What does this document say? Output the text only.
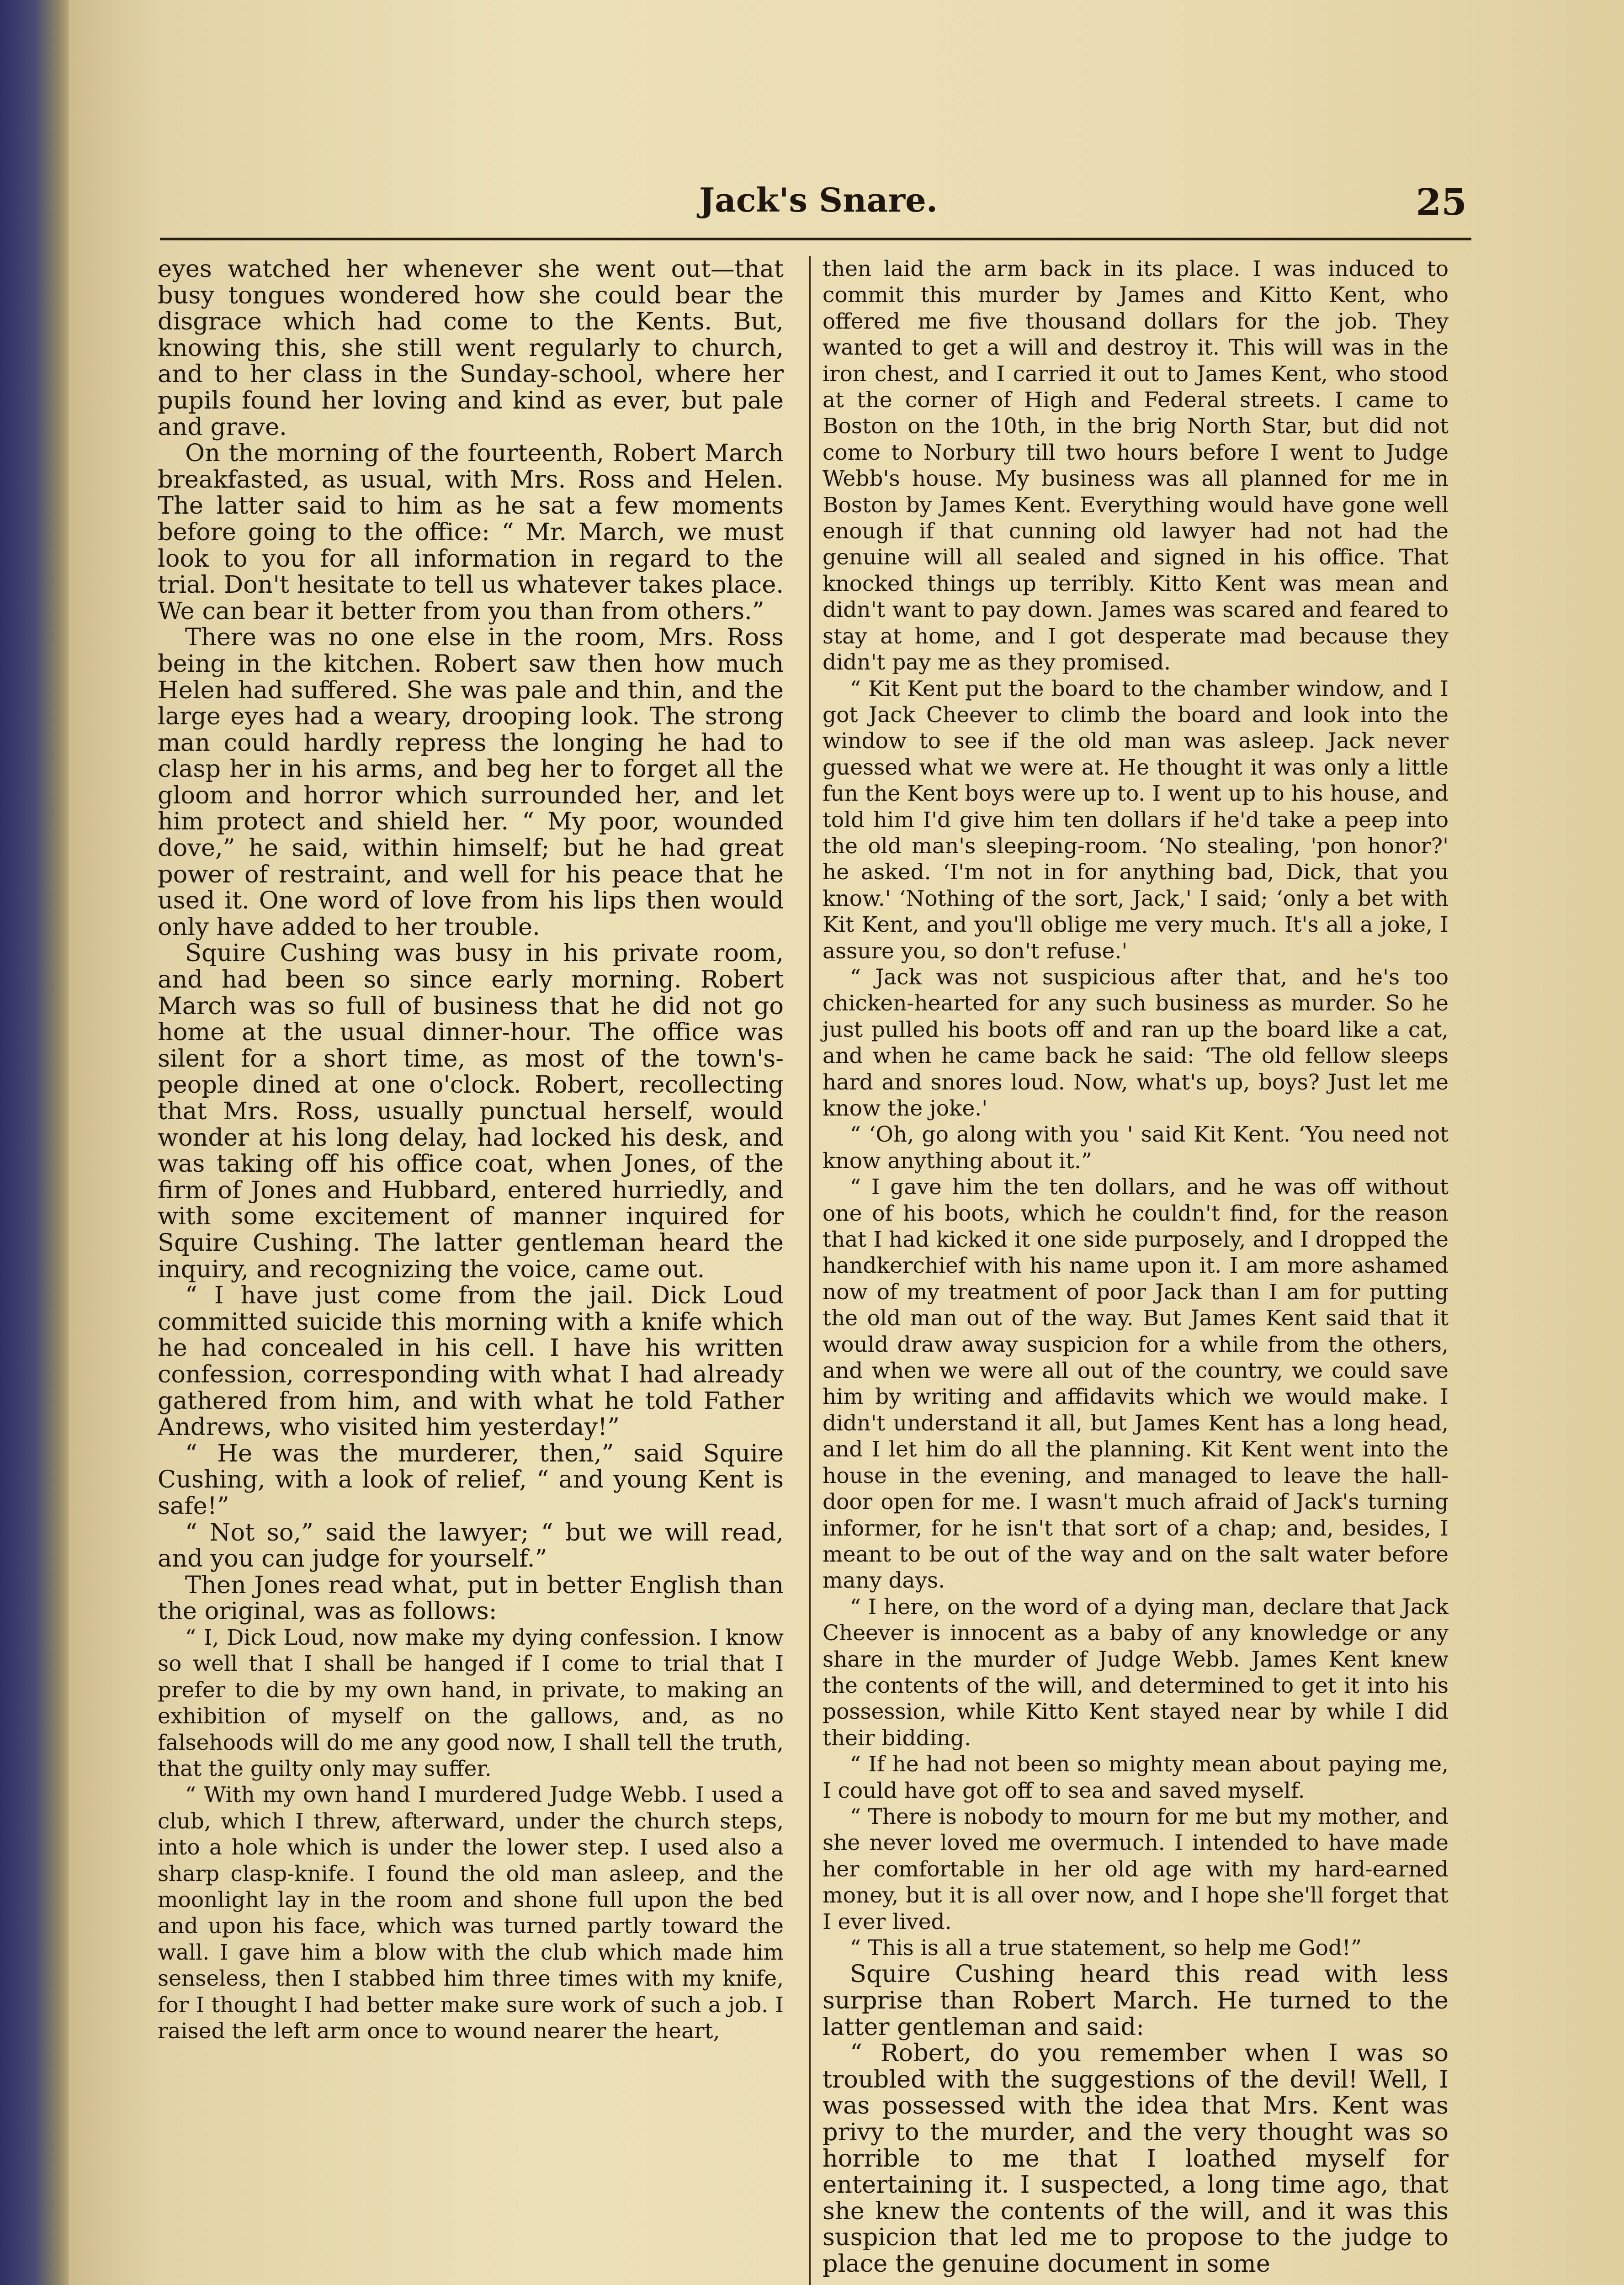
Jack's Snare.	25

eyes watched her whenever she went out—that busy tongues wondered how she could bear the disgrace which had come to the Kents. But, knowing this, she still went regularly to church, and to her class in the Sunday-school, where her pupils found her loving and kind as ever, but pale and grave.

On the morning of the fourteenth, Robert March breakfasted, as usual, with Mrs. Ross and Helen. The latter said to him as he sat a few moments before going to the office: “ Mr. March, we must look to you for all information in regard to the trial. Don't hesitate to tell us whatever takes place. We can bear it better from you than from others.”

There was no one else in the room, Mrs. Ross being in the kitchen. Robert saw then how much Helen had suffered. She was pale and thin, and the large eyes had a weary, drooping look. The strong man could hardly repress the longing he had to clasp her in his arms, and beg her to forget all the gloom and horror which surrounded her, and let him protect and shield her. “ My poor, wounded dove,” he said, within himself; but he had great power of restraint, and well for his peace that he used it. One word of love from his lips then would only have added to her trouble.

Squire Cushing was busy in his private room, and had been so since early morning. Robert March was so full of business that he did not go home at the usual dinner-hour. The office was silent for a short time, as most of the town's-people dined at one o'clock. Robert, recollecting that Mrs. Ross, usually punctual herself, would wonder at his long delay, had locked his desk, and was taking off his office coat, when Jones, of the firm of Jones and Hubbard, entered hurriedly, and with some excitement of manner inquired for Squire Cushing. The latter gentleman heard the inquiry, and recognizing the voice, came out.

“ I have just come from the jail. Dick Loud committed suicide this morning with a knife which he had concealed in his cell. I have his written confession, corresponding with what I had already gathered from him, and with what he told Father Andrews, who visited him yesterday!”

“ He was the murderer, then,” said Squire Cushing, with a look of relief, “ and young Kent is safe!”

“ Not so,” said the lawyer; “ but we will read, and you can judge for yourself.”

Then Jones read what, put in better English than the original, was as follows:

“ I, Dick Loud, now make my dying confession. I know so well that I shall be hanged if I come to trial that I prefer to die by my own hand, in private, to making an exhibition of myself on the gallows, and, as no falsehoods will do me any good now, I shall tell the truth, that the guilty only may suffer.

“ With my own hand I murdered Judge Webb. I used a club, which I threw, afterward, under the church steps, into a hole which is under the lower step. I used also a sharp clasp-knife. I found the old man asleep, and the moonlight lay in the room and shone full upon the bed and upon his face, which was turned partly toward the wall. I gave him a blow with the club which made him senseless, then I stabbed him three times with my knife, for I thought I had better make sure work of such a job. I raised the left arm once to wound nearer the heart,

then laid the arm back in its place. I was induced to commit this murder by James and Kitto Kent, who offered me five thousand dollars for the job. They wanted to get a will and destroy it. This will was in the iron chest, and I carried it out to James Kent, who stood at the corner of High and Federal streets. I came to Boston on the 10th, in the brig North Star, but did not come to Norbury till two hours before I went to Judge Webb's house. My business was all planned for me in Boston by James Kent. Everything would have gone well enough if that cunning old lawyer had not had the genuine will all sealed and signed in his office. That knocked things up terribly. Kitto Kent was mean and didn't want to pay down. James was scared and feared to stay at home, and I got desperate mad because they didn't pay me as they promised.

“ Kit Kent put the board to the chamber window, and I got Jack Cheever to climb the board and look into the window to see if the old man was asleep. Jack never guessed what we were at. He thought it was only a little fun the Kent boys were up to. I went up to his house, and told him I'd give him ten dollars if he'd take a peep into the old man's sleeping-room. ‘No stealing, 'pon honor?' he asked. ‘I'm not in for anything bad, Dick, that you know.' ‘Nothing of the sort, Jack,' I said; ‘only a bet with Kit Kent, and you'll oblige me very much. It's all a joke, I assure you, so don't refuse.'

“ Jack was not suspicious after that, and he's too chicken-hearted for any such business as murder. So he just pulled his boots off and ran up the board like a cat, and when he came back he said: ‘The old fellow sleeps hard and snores loud. Now, what's up, boys? Just let me know the joke.'

“ ‘Oh, go along with you ' said Kit Kent. ‘You need not know anything about it.”

“ I gave him the ten dollars, and he was off without one of his boots, which he couldn't find, for the reason that I had kicked it one side purposely, and I dropped the handkerchief with his name upon it. I am more ashamed now of my treatment of poor Jack than I am for putting the old man out of the way. But James Kent said that it would draw away suspicion for a while from the others, and when we were all out of the country, we could save him by writing and affidavits which we would make. I didn't understand it all, but James Kent has a long head, and I let him do all the planning. Kit Kent went into the house in the evening, and managed to leave the hall-door open for me. I wasn't much afraid of Jack's turning informer, for he isn't that sort of a chap; and, besides, I meant to be out of the way and on the salt water before many days.

“ I here, on the word of a dying man, declare that Jack Cheever is innocent as a baby of any knowledge or any share in the murder of Judge Webb. James Kent knew the contents of the will, and determined to get it into his possession, while Kitto Kent stayed near by while I did their bidding.

“ If he had not been so mighty mean about paying me, I could have got off to sea and saved myself.

“ There is nobody to mourn for me but my mother, and she never loved me overmuch. I intended to have made her comfortable in her old age with my hard-earned money, but it is all over now, and I hope she'll forget that I ever lived.

“ This is all a true statement, so help me God!”

Squire Cushing heard this read with less surprise than Robert March. He turned to the latter gentleman and said:

“ Robert, do you remember when I was so troubled with the suggestions of the devil! Well, I was possessed with the idea that Mrs. Kent was privy to the murder, and the very thought was so horrible to me that I loathed myself for entertaining it. I suspected, a long time ago, that she knew the contents of the will, and it was this suspicion that led me to propose to the judge to place the genuine document in some
